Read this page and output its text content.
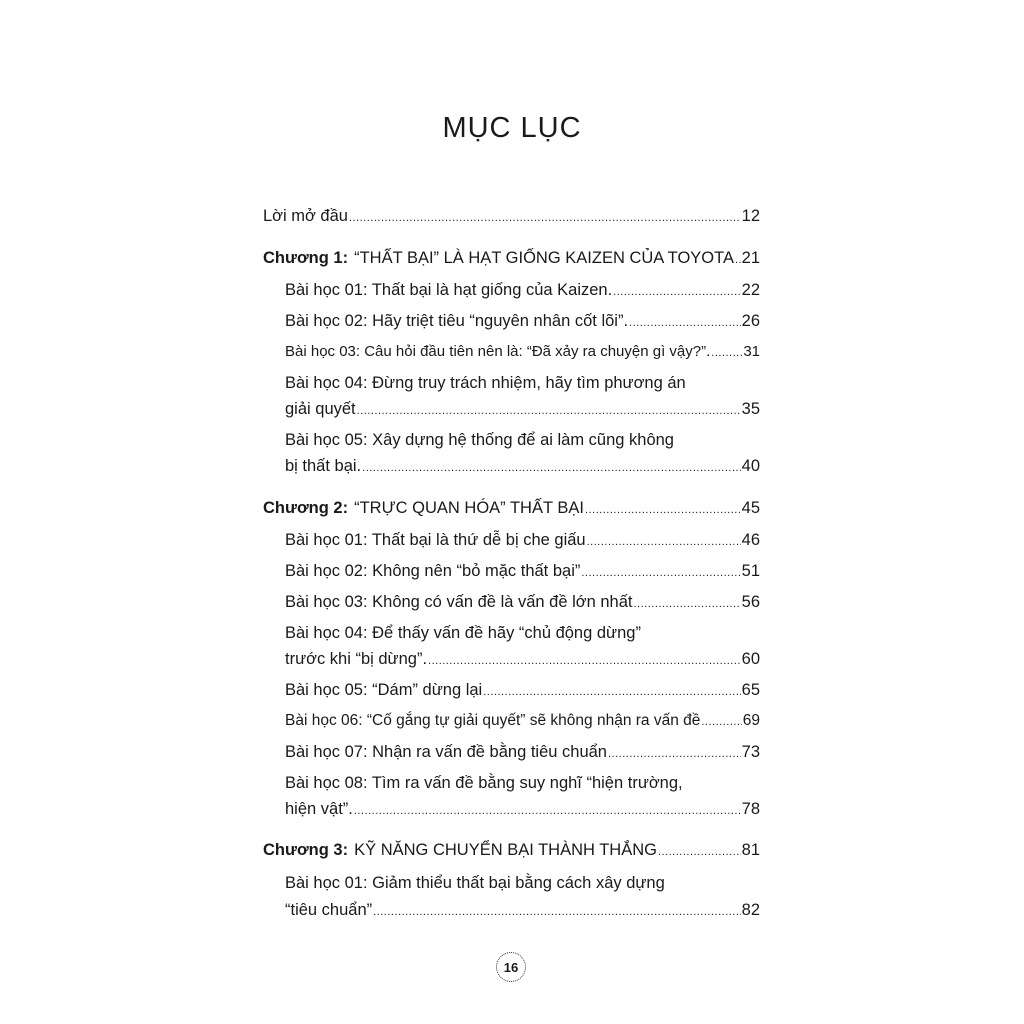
MỤC LỤC
Lời mở đầu .....	12
Chương 1: “THẤT BẠI” LÀ HẠT GIỐNG KAIZEN CỦA TOYOTA ..... 21
Bài học 01: Thất bại là hạt giống của Kaizen. .....	22
Bài học 02: Hãy triệt tiêu “nguyên nhân cốt lõi”. .....	26
Bài học 03: Câu hỏi đầu tiên nên là: “Đã xảy ra chuyện gì vậy?”. ..... 31
Bài học 04: Đừng truy trách nhiệm, hãy tìm phương án
giải quyết .....	35
Bài học 05: Xây dựng hệ thống để ai làm cũng không
bị thất bại. .....	40
Chương 2: “TRỰC QUAN HÓA” THẤT BẠI .....	45
Bài học 01: Thất bại là thứ dễ bị che giấu .....	46
Bài học 02: Không nên “bỏ mặc thất bại” .....	51
Bài học 03: Không có vấn đề là vấn đề lớn nhất .....	56
Bài học 04: Để thấy vấn đề hãy “chủ động dừng”
trước khi “bị dừng”. .....	60
Bài học 05: “Dám” dừng lại .....	65
Bài học 06: “Cố gắng tự giải quyết” sẽ không nhận ra vấn đề .....	69
Bài học 07: Nhận ra vấn đề bằng tiêu chuẩn .....	73
Bài học 08: Tìm ra vấn đề bằng suy nghĩ “hiện trường,
hiện vật”. .....	78
Chương 3: KỸ NĂNG CHUYỂN BẠI THÀNH THẮNG .....	81
Bài học 01: Giảm thiểu thất bại bằng cách xây dựng
“tiêu chuẩn” .....	82
16
